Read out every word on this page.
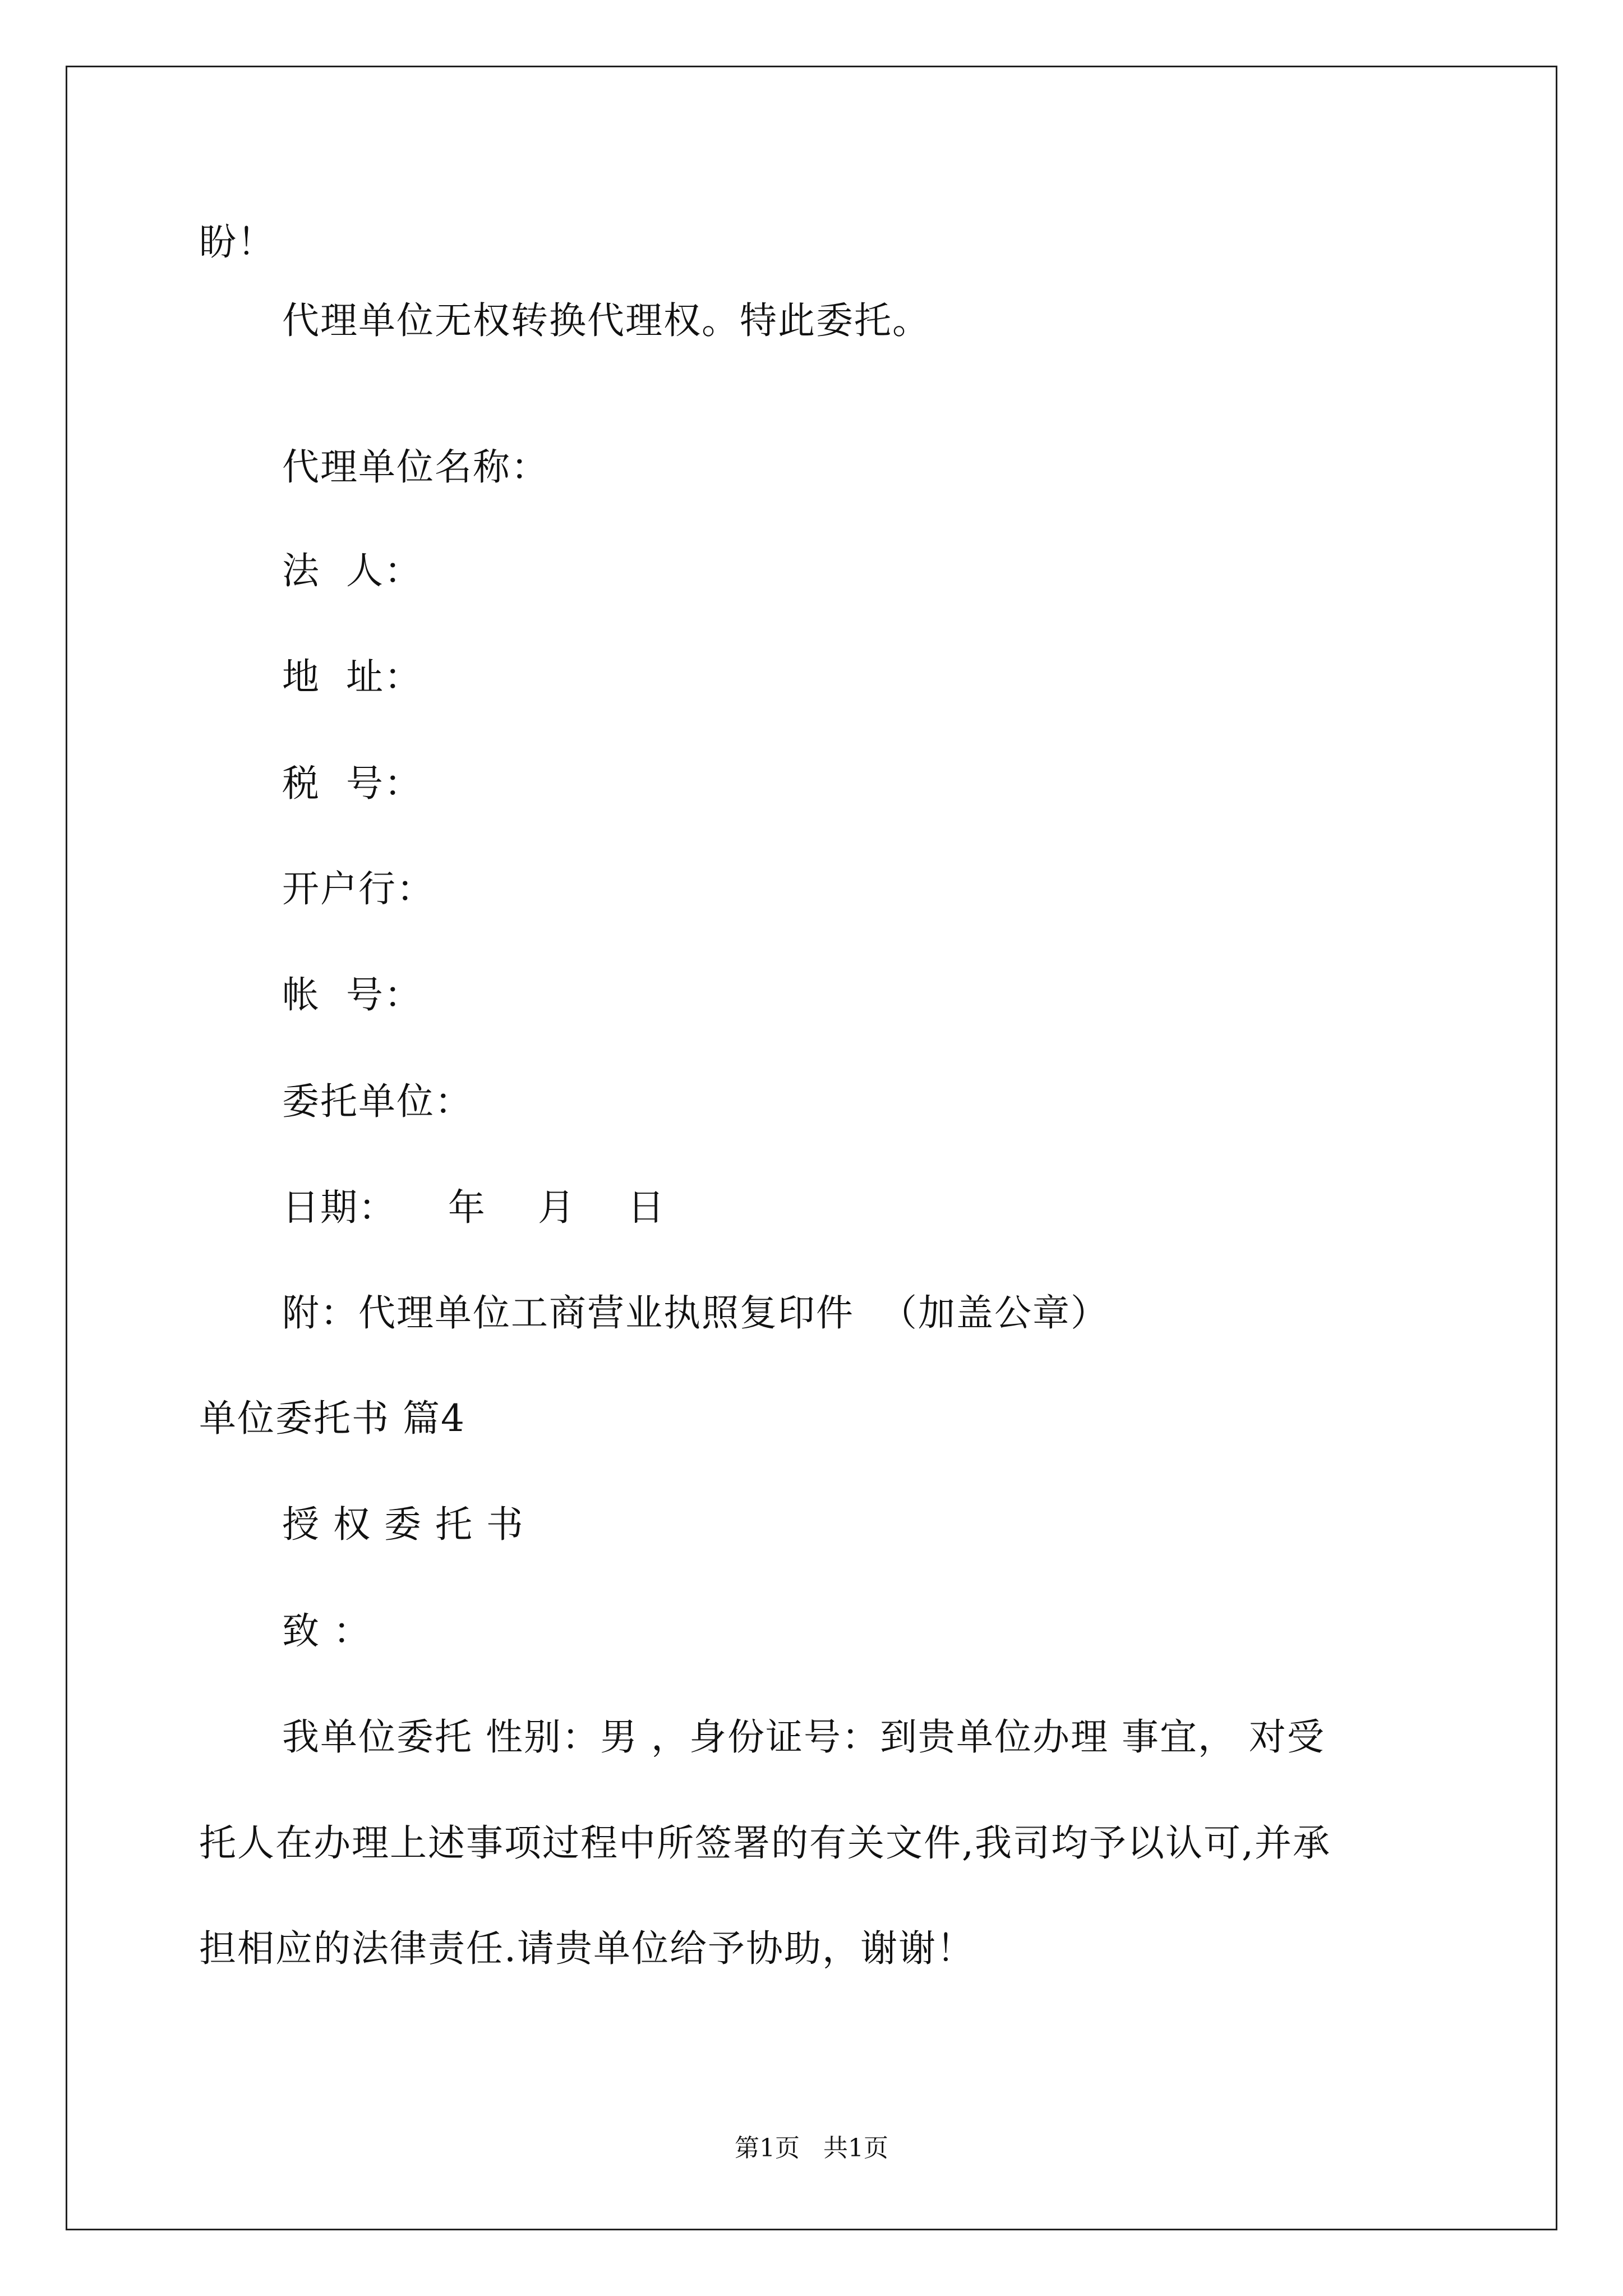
盼！
代理单位无权转换代理权。特此委托。
代理单位名称：
法  人：
地  址：
税  号：
开户行：
帐  号：
委托单位：
日期：    年    月    日
附：代理单位工商营业执照复印件  （加盖公章）
单位委托书 篇4
授 权 委 托 书
致 ：
我单位委托 性别：男 ，身份证号：到贵单位办理 事宜， 对受
托人在办理上述事项过程中所签署的有关文件,我司均予以认可,并承
担相应的法律责任.请贵单位给予协助，谢谢！
第1页 共1页
